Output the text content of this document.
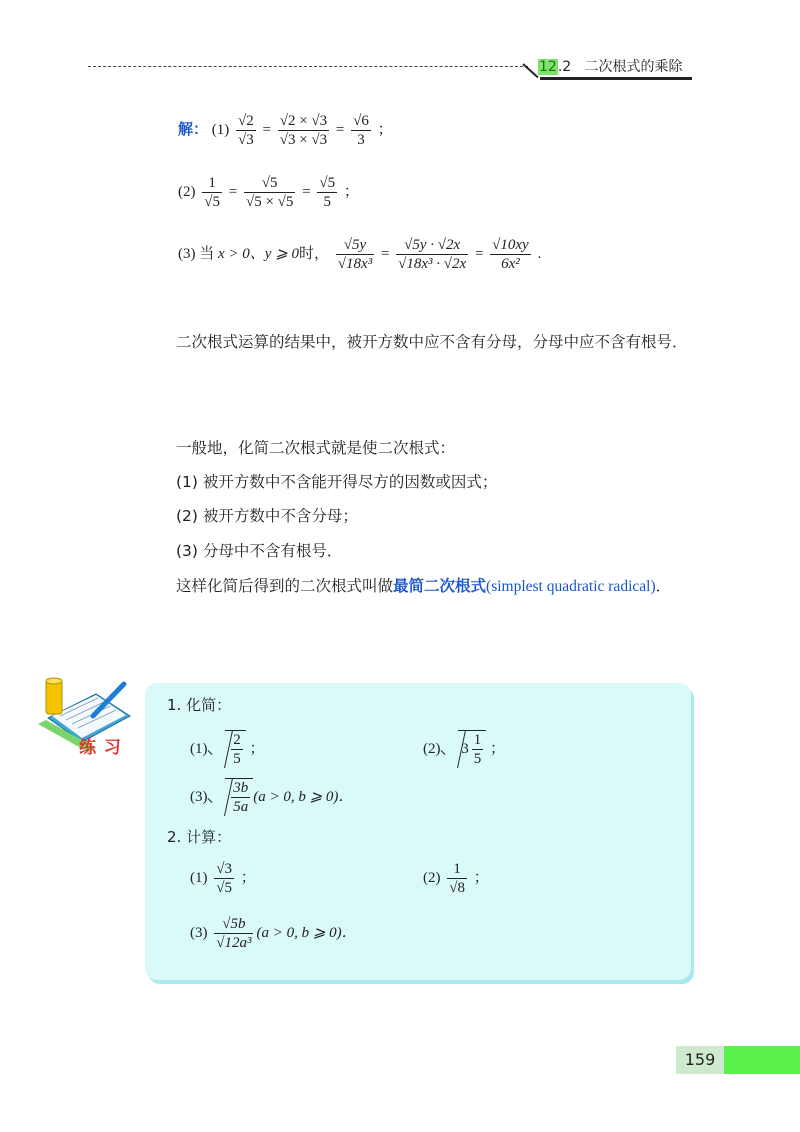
12.2 二次根式的乘除
解： $(1) \frac{√2}{√3} = \frac{√2 \times √3}{√3 \times √3} = \frac{√6}{3}$ ；
$(2) \frac{1}{√5} = \frac{√5}{√5 \times √5} = \frac{√5}{5}$ ；
(3) 当 x > 0、y ⩾ 0时， $\frac{√5y}{\text{√18x³}} = \frac{√5y \cdot √2x}{\text{√18x³ · √2x}} = \frac{√10xy}{\text{6x²}}$ .
二次根式运算的结果中，被开方数中应不含有分母，分母中应不含有根号．
一般地，化简二次根式就是使二次根式：
(1) 被开方数中不含能开得尽方的因数或因式；
(2) 被开方数中不含分母；
(3) 分母中不含有根号．
这样化简后得到的二次根式叫做最简二次根式(simplest quadratic radical)．
练 习
1. 化简：
$(1) \frac{2}{5}$ ；	(2) $3 \frac{1}{5}$ ；
$(3) \frac{3b}{5a} (a > 0$, b ⩾ 0)．
2. 计算：
$(1) \frac{√3}{√5}$ ；	$(2) \frac{1}{√8}$ ；
$(3) \frac{√5b}{\text{√12a³}} (a > 0$, b ⩾ 0)．
159
